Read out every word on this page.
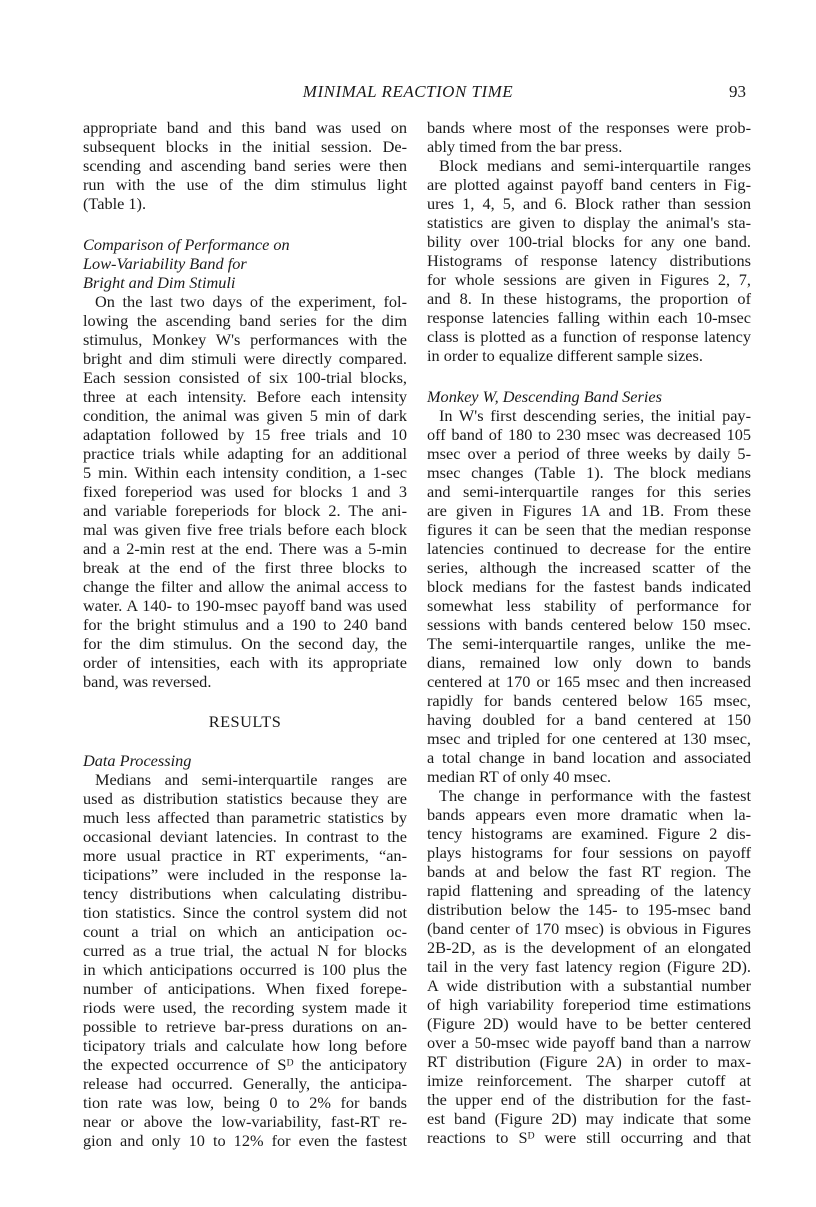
MINIMAL REACTION TIME	93
appropriate band and this band was used on
subsequent blocks in the initial session. De-
scending and ascending band series were then
run with the use of the dim stimulus light
(Table 1).
Comparison of Performance on
Low-Variability Band for
Bright and Dim Stimuli
On the last two days of the experiment, fol-
lowing the ascending band series for the dim
stimulus, Monkey W's performances with the
bright and dim stimuli were directly compared.
Each session consisted of six 100-trial blocks,
three at each intensity. Before each intensity
condition, the animal was given 5 min of dark
adaptation followed by 15 free trials and 10
practice trials while adapting for an additional
5 min. Within each intensity condition, a 1-sec
fixed foreperiod was used for blocks 1 and 3
and variable foreperiods for block 2. The ani-
mal was given five free trials before each block
and a 2-min rest at the end. There was a 5-min
break at the end of the first three blocks to
change the filter and allow the animal access to
water. A 140- to 190-msec payoff band was used
for the bright stimulus and a 190 to 240 band
for the dim stimulus. On the second day, the
order of intensities, each with its appropriate
band, was reversed.
RESULTS
Data Processing
Medians and semi-interquartile ranges are
used as distribution statistics because they are
much less affected than parametric statistics by
occasional deviant latencies. In contrast to the
more usual practice in RT experiments, “an-
ticipations” were included in the response la-
tency distributions when calculating distribu-
tion statistics. Since the control system did not
count a trial on which an anticipation oc-
curred as a true trial, the actual N for blocks
in which anticipations occurred is 100 plus the
number of anticipations. When fixed forepe-
riods were used, the recording system made it
possible to retrieve bar-press durations on an-
ticipatory trials and calculate how long before
the expected occurrence of Sᴰ the anticipatory
release had occurred. Generally, the anticipa-
tion rate was low, being 0 to 2% for bands
near or above the low-variability, fast-RT re-
gion and only 10 to 12% for even the fastest
bands where most of the responses were prob-
ably timed from the bar press.
Block medians and semi-interquartile ranges
are plotted against payoff band centers in Fig-
ures 1, 4, 5, and 6. Block rather than session
statistics are given to display the animal's sta-
bility over 100-trial blocks for any one band.
Histograms of response latency distributions
for whole sessions are given in Figures 2, 7,
and 8. In these histograms, the proportion of
response latencies falling within each 10-msec
class is plotted as a function of response latency
in order to equalize different sample sizes.
Monkey W, Descending Band Series
In W's first descending series, the initial pay-
off band of 180 to 230 msec was decreased 105
msec over a period of three weeks by daily 5-
msec changes (Table 1). The block medians
and semi-interquartile ranges for this series
are given in Figures 1A and 1B. From these
figures it can be seen that the median response
latencies continued to decrease for the entire
series, although the increased scatter of the
block medians for the fastest bands indicated
somewhat less stability of performance for
sessions with bands centered below 150 msec.
The semi-interquartile ranges, unlike the me-
dians, remained low only down to bands
centered at 170 or 165 msec and then increased
rapidly for bands centered below 165 msec,
having doubled for a band centered at 150
msec and tripled for one centered at 130 msec,
a total change in band location and associated
median RT of only 40 msec.
The change in performance with the fastest
bands appears even more dramatic when la-
tency histograms are examined. Figure 2 dis-
plays histograms for four sessions on payoff
bands at and below the fast RT region. The
rapid flattening and spreading of the latency
distribution below the 145- to 195-msec band
(band center of 170 msec) is obvious in Figures
2B-2D, as is the development of an elongated
tail in the very fast latency region (Figure 2D).
A wide distribution with a substantial number
of high variability foreperiod time estimations
(Figure 2D) would have to be better centered
over a 50-msec wide payoff band than a narrow
RT distribution (Figure 2A) in order to max-
imize reinforcement. The sharper cutoff at
the upper end of the distribution for the fast-
est band (Figure 2D) may indicate that some
reactions to Sᴰ were still occurring and that
